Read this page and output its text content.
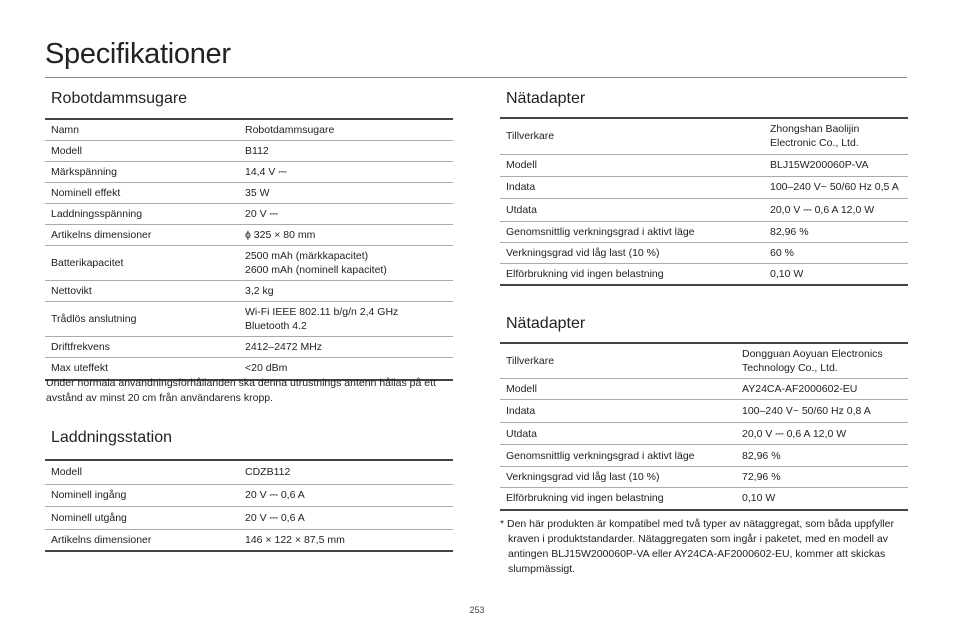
Specifikationer
Robotdammsugare
Namn	Robotdammsugare
Modell	B112
Märkspänning	14,4 V ⎓
Nominell effekt	35 W
Laddningsspänning	20 V ⎓
Artikelns dimensioner	ϕ 325 × 80 mm
Batterikapacitet	2500 mAh (märkkapacitet)
2600 mAh (nominell kapacitet)
Nettovikt	3,2 kg
Trådlös anslutning	Wi-Fi IEEE 802.11 b/g/n 2,4 GHz
Bluetooth 4.2
Driftfrekvens	2412–2472 MHz
Max uteffekt	<20 dBm
Under normala användningsförhållanden ska denna utrustnings antenn hållas på ett avstånd av minst 20 cm från användarens kropp.
Laddningsstation
Modell	CDZB112
Nominell ingång	20 V ⎓ 0,6 A
Nominell utgång	20 V ⎓ 0,6 A
Artikelns dimensioner	146 × 122 × 87,5 mm
Nätadapter
Tillverkare	Zhongshan Baolijin
Electronic Co., Ltd.
Modell	BLJ15W200060P-VA
Indata	100–240 V~ 50/60 Hz 0,5 A
Utdata	20,0 V ⎓ 0,6 A 12,0 W
Genomsnittlig verkningsgrad i aktivt läge	82,96 %
Verkningsgrad vid låg last (10 %)	60 %
Elförbrukning vid ingen belastning	0,10 W
Nätadapter
Tillverkare	Dongguan Aoyuan Electronics
Technology Co., Ltd.
Modell	AY24CA-AF2000602-EU
Indata	100–240 V~ 50/60 Hz 0,8 A
Utdata	20,0 V ⎓ 0,6 A 12,0 W
Genomsnittlig verkningsgrad i aktivt läge	82,96 %
Verkningsgrad vid låg last (10 %)	72,96 %
Elförbrukning vid ingen belastning	0,10 W
* Den här produkten är kompatibel med två typer av nätaggregat, som båda uppfyller kraven i produktstandarder. Nätaggregaten som ingår i paketet, med en modell av antingen BLJ15W200060P-VA eller AY24CA-AF2000602-EU, kommer att skickas slumpmässigt.
253
